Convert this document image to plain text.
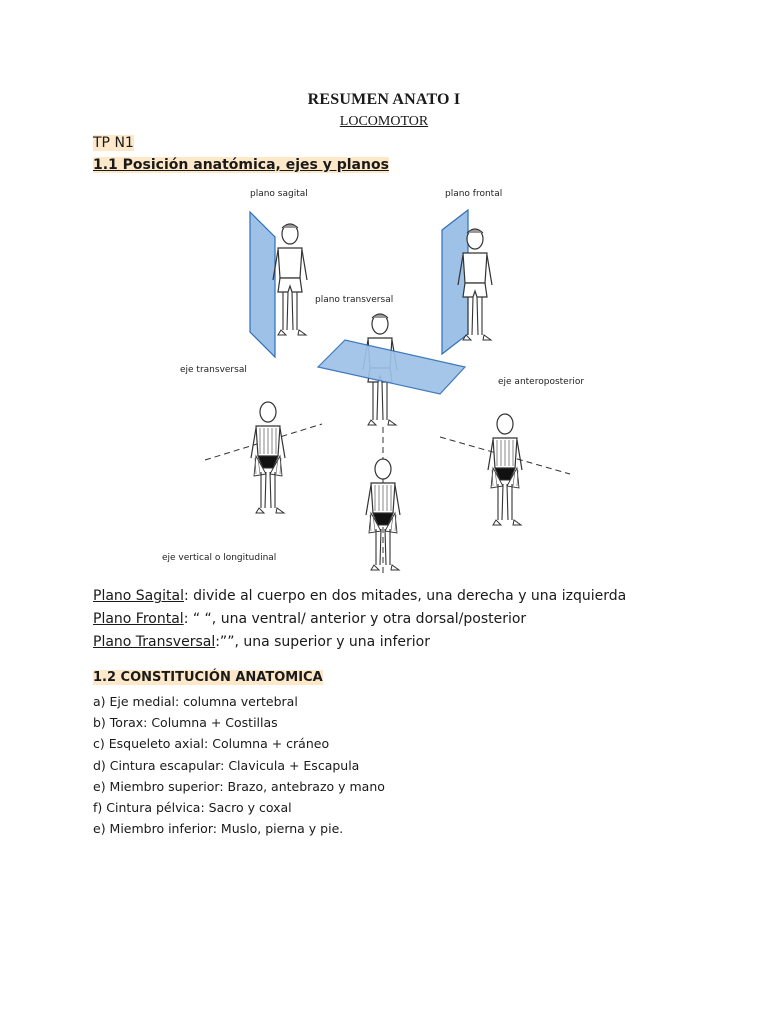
RESUMEN ANATO I
LOCOMOTOR
TP N1
1.1 Posición anatómica, ejes y planos
plano sagital	plano frontal
plano transversal
eje transversal
eje anteroposterior
eje vertical o longitudinal
Plano Sagital: divide al cuerpo en dos mitades, una derecha y una izquierda
Plano Frontal: “ “, una ventral/ anterior y otra dorsal/posterior
Plano Transversal:””, una superior y una inferior
1.2 CONSTITUCIÓN ANATOMICA
a) Eje medial: columna vertebral
b) Torax: Columna + Costillas
c) Esqueleto axial: Columna + cráneo
d) Cintura escapular: Clavicula + Escapula
e) Miembro superior: Brazo, antebrazo y mano
f) Cintura pélvica: Sacro y coxal
e) Miembro inferior: Muslo, pierna y pie.
